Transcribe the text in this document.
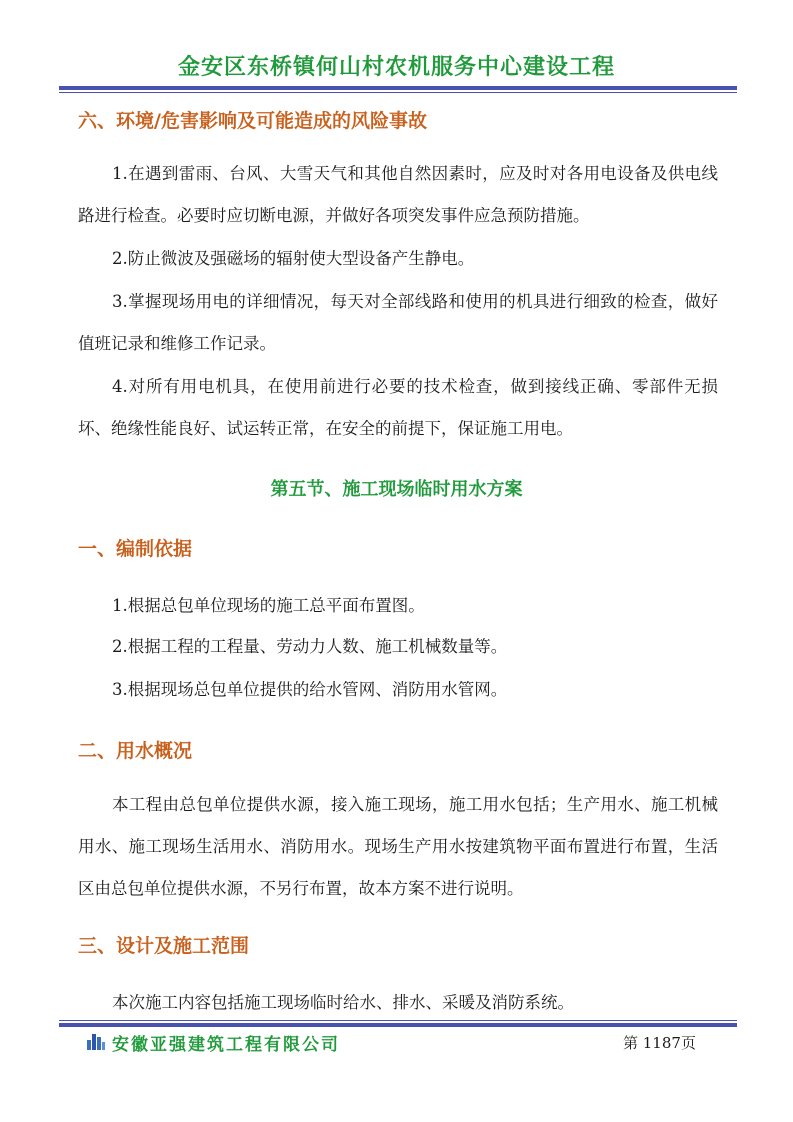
金安区东桥镇何山村农机服务中心建设工程
六、环境/危害影响及可能造成的风险事故
1.在遇到雷雨、台风、大雪天气和其他自然因素时，应及时对各用电设备及供电线路进行检查。必要时应切断电源，并做好各项突发事件应急预防措施。
2.防止微波及强磁场的辐射使大型设备产生静电。
3.掌握现场用电的详细情况，每天对全部线路和使用的机具进行细致的检查，做好值班记录和维修工作记录。
4.对所有用电机具，在使用前进行必要的技术检查，做到接线正确、零部件无损坏、绝缘性能良好、试运转正常，在安全的前提下，保证施工用电。
第五节、施工现场临时用水方案
一、编制依据
1.根据总包单位现场的施工总平面布置图。
2.根据工程的工程量、劳动力人数、施工机械数量等。
3.根据现场总包单位提供的给水管网、消防用水管网。
二、用水概况
本工程由总包单位提供水源，接入施工现场，施工用水包括；生产用水、施工机械用水、施工现场生活用水、消防用水。现场生产用水按建筑物平面布置进行布置，生活区由总包单位提供水源，不另行布置，故本方案不进行说明。
三、设计及施工范围
本次施工内容包括施工现场临时给水、排水、采暖及消防系统。
安徽亚强建筑工程有限公司	第 1187页
